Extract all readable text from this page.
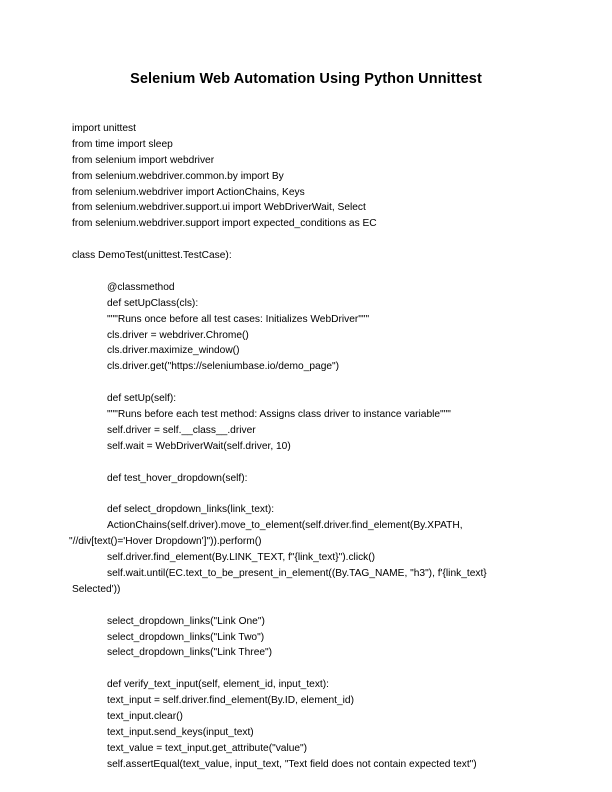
Selenium Web Automation Using Python Unnittest
import unittest
from time import sleep
from selenium import webdriver
from selenium.webdriver.common.by import By
from selenium.webdriver import ActionChains, Keys
from selenium.webdriver.support.ui import WebDriverWait, Select
from selenium.webdriver.support import expected_conditions as EC
class DemoTest(unittest.TestCase):
@classmethod
def setUpClass(cls):
"""Runs once before all test cases: Initializes WebDriver"""
cls.driver = webdriver.Chrome()
cls.driver.maximize_window()
cls.driver.get("https://seleniumbase.io/demo_page")
def setUp(self):
"""Runs before each test method: Assigns class driver to instance variable"""
self.driver = self.__class__.driver
self.wait = WebDriverWait(self.driver, 10)
def test_hover_dropdown(self):
def select_dropdown_links(link_text):
ActionChains(self.driver).move_to_element(self.driver.find_element(By.XPATH,
"//div[text()='Hover Dropdown']")).perform()
self.driver.find_element(By.LINK_TEXT, f"{link_text}").click()
self.wait.until(EC.text_to_be_present_in_element((By.TAG_NAME, "h3"), f'{link_text}
Selected'))
select_dropdown_links("Link One")
select_dropdown_links("Link Two")
select_dropdown_links("Link Three")
def verify_text_input(self, element_id, input_text):
text_input = self.driver.find_element(By.ID, element_id)
text_input.clear()
text_input.send_keys(input_text)
text_value = text_input.get_attribute("value")
self.assertEqual(text_value, input_text, "Text field does not contain expected text")
